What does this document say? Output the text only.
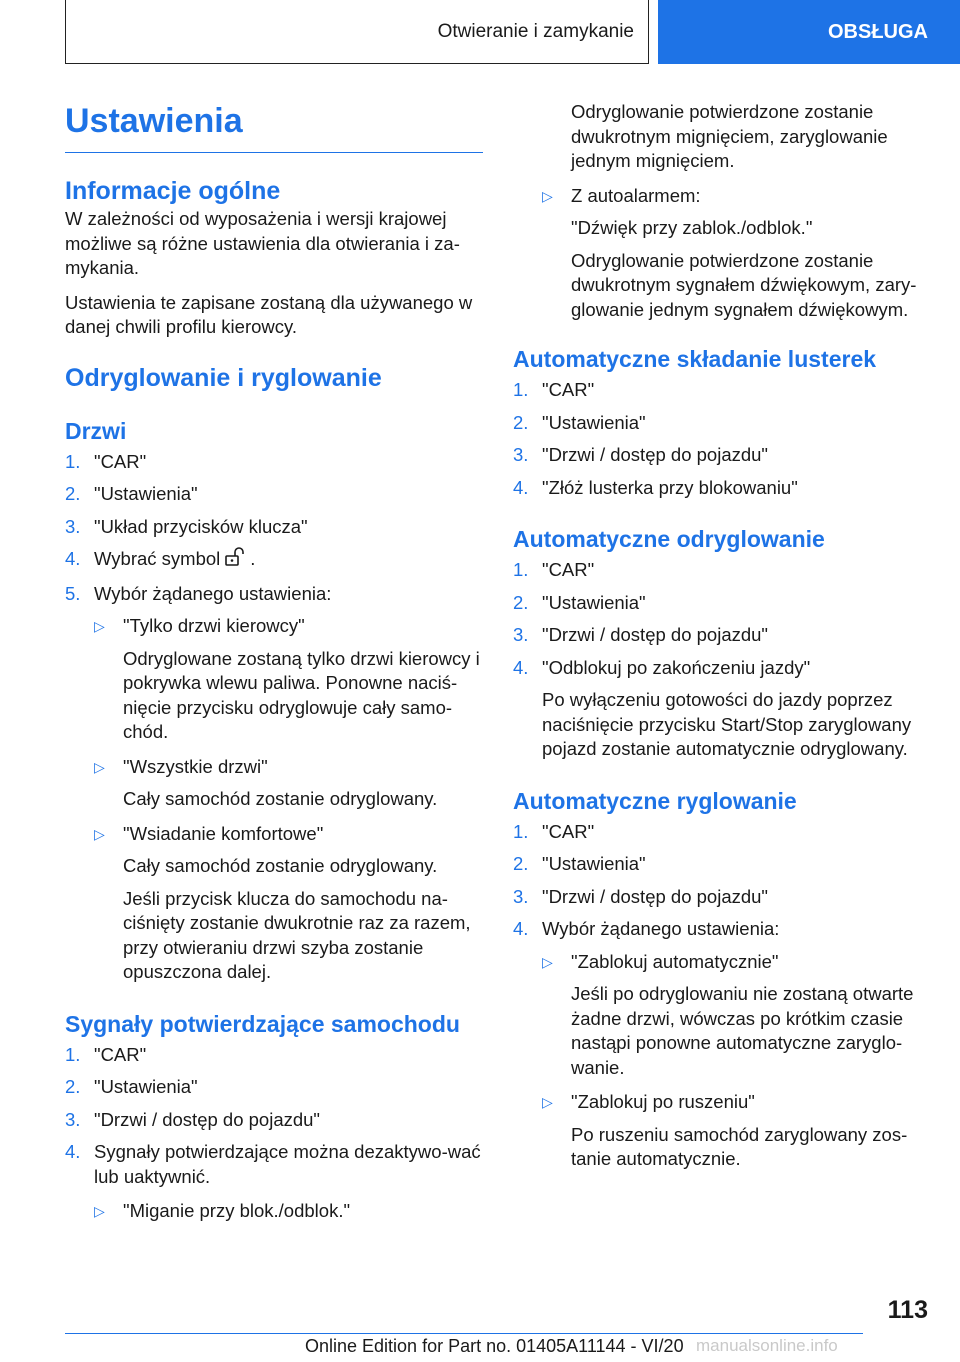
Otwieranie i zamykanie	OBSŁUGA
Ustawienia
Informacje ogólne

W zależności od wyposażenia i wersji krajowej możliwe są różne ustawienia dla otwierania i za-mykania.

Ustawienia te zapisane zostaną dla używanego w danej chwili profilu kierowcy.

Odryglowanie i ryglowanie
Drzwi
1. "CAR"
2. "Ustawienia"
3. "Układ przycisków klucza"
4. Wybrać symbol .
5. Wybór żądanego ustawienia:
▷ "Tylko drzwi kierowcy"

Odryglowane zostaną tylko drzwi kierowcy i pokrywka wlewu paliwa. Ponowne naciś-nięcie przycisku odryglowuje cały samo-chód.

▷ "Wszystkie drzwi"

Cały samochód zostanie odryglowany.

▷ "Wsiadanie komfortowe"

Cały samochód zostanie odryglowany.

Jeśli przycisk klucza do samochodu na-ciśnięty zostanie dwukrotnie raz za razem, przy otwieraniu drzwi szyba zostanie opuszczona dalej.

Sygnały potwierdzające samochodu
1. "CAR"
2. "Ustawienia"
3. "Drzwi / dostęp do pojazdu"
4. Sygnały potwierdzające można dezaktywo-wać lub uaktywnić.
▷ "Miganie przy blok./odblok."

Odryglowanie potwierdzone zostanie dwukrotnym mignięciem, zaryglowanie jednym mignięciem.

▷ Z autoalarmem:

"Dźwięk przy zablok./odblok."

Odryglowanie potwierdzone zostanie dwukrotnym sygnałem dźwiękowym, zary-glowanie jednym sygnałem dźwiękowym.

Automatyczne składanie lusterek
1. "CAR"
2. "Ustawienia"
3. "Drzwi / dostęp do pojazdu"
4. "Złóż lusterka przy blokowaniu"
Automatyczne odryglowanie
1. "CAR"
2. "Ustawienia"
3. "Drzwi / dostęp do pojazdu"
4. "Odblokuj po zakończeniu jazdy"

Po wyłączeniu gotowości do jazdy poprzez naciśnięcie przycisku Start/Stop zaryglowany pojazd zostanie automatycznie odryglowany.

Automatyczne ryglowanie
1. "CAR"
2. "Ustawienia"
3. "Drzwi / dostęp do pojazdu"
4. Wybór żądanego ustawienia:
▷ "Zablokuj automatycznie"

Jeśli po odryglowaniu nie zostaną otwarte żadne drzwi, wówczas po krótkim czasie nastąpi ponowne automatyczne zaryglo-wanie.

▷ "Zablokuj po ruszeniu"

Po ruszeniu samochód zaryglowany zos-tanie automatycznie.

113
Online Edition for Part no. 01405A11144 - VI/20 manualsonline.info
